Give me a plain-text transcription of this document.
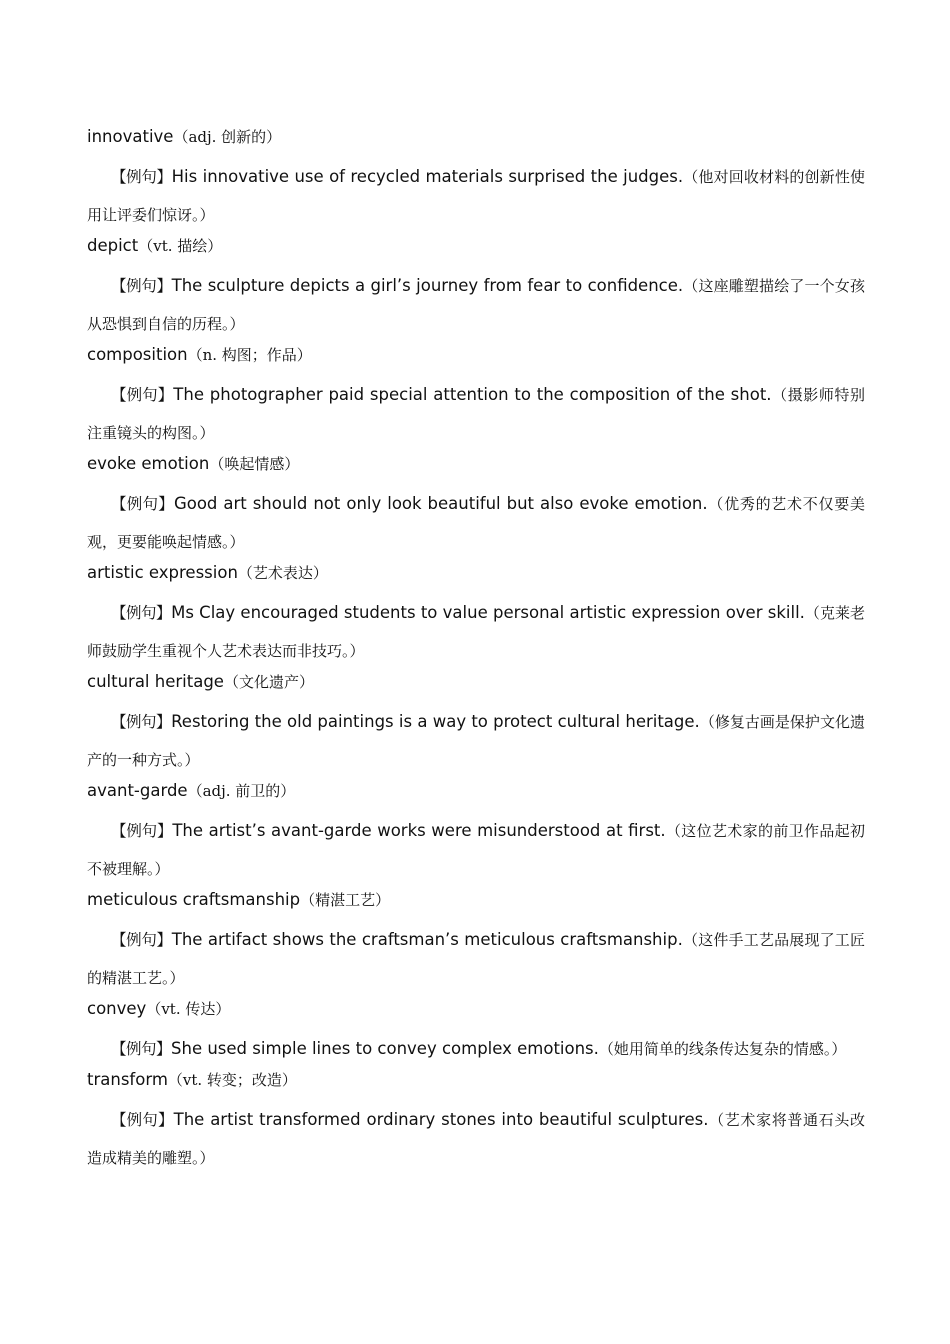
innovative（adj. 创新的）

【例句】His innovative use of recycled materials surprised the judges.（他对回收材料的创新性使用让评委们惊讶。）

depict（vt. 描绘）

【例句】The sculpture depicts a girl’s journey from fear to confidence.（这座雕塑描绘了一个女孩从恐惧到自信的历程。）

composition（n. 构图；作品）

【例句】The photographer paid special attention to the composition of the shot.（摄影师特别注重镜头的构图。）

evoke emotion（唤起情感）

【例句】Good art should not only look beautiful but also evoke emotion.（优秀的艺术不仅要美观，更要能唤起情感。）

artistic expression（艺术表达）

【例句】Ms Clay encouraged students to value personal artistic expression over skill.（克莱老师鼓励学生重视个人艺术表达而非技巧。）

cultural heritage（文化遗产）

【例句】Restoring the old paintings is a way to protect cultural heritage.（修复古画是保护文化遗产的一种方式。）

avant-garde（adj. 前卫的）

【例句】The artist’s avant-garde works were misunderstood at first.（这位艺术家的前卫作品起初不被理解。）

meticulous craftsmanship（精湛工艺）

【例句】The artifact shows the craftsman’s meticulous craftsmanship.（这件手工艺品展现了工匠的精湛工艺。）

convey（vt. 传达）

【例句】She used simple lines to convey complex emotions.（她用简单的线条传达复杂的情感。）

transform（vt. 转变；改造）

【例句】The artist transformed ordinary stones into beautiful sculptures.（艺术家将普通石头改造成精美的雕塑。）
